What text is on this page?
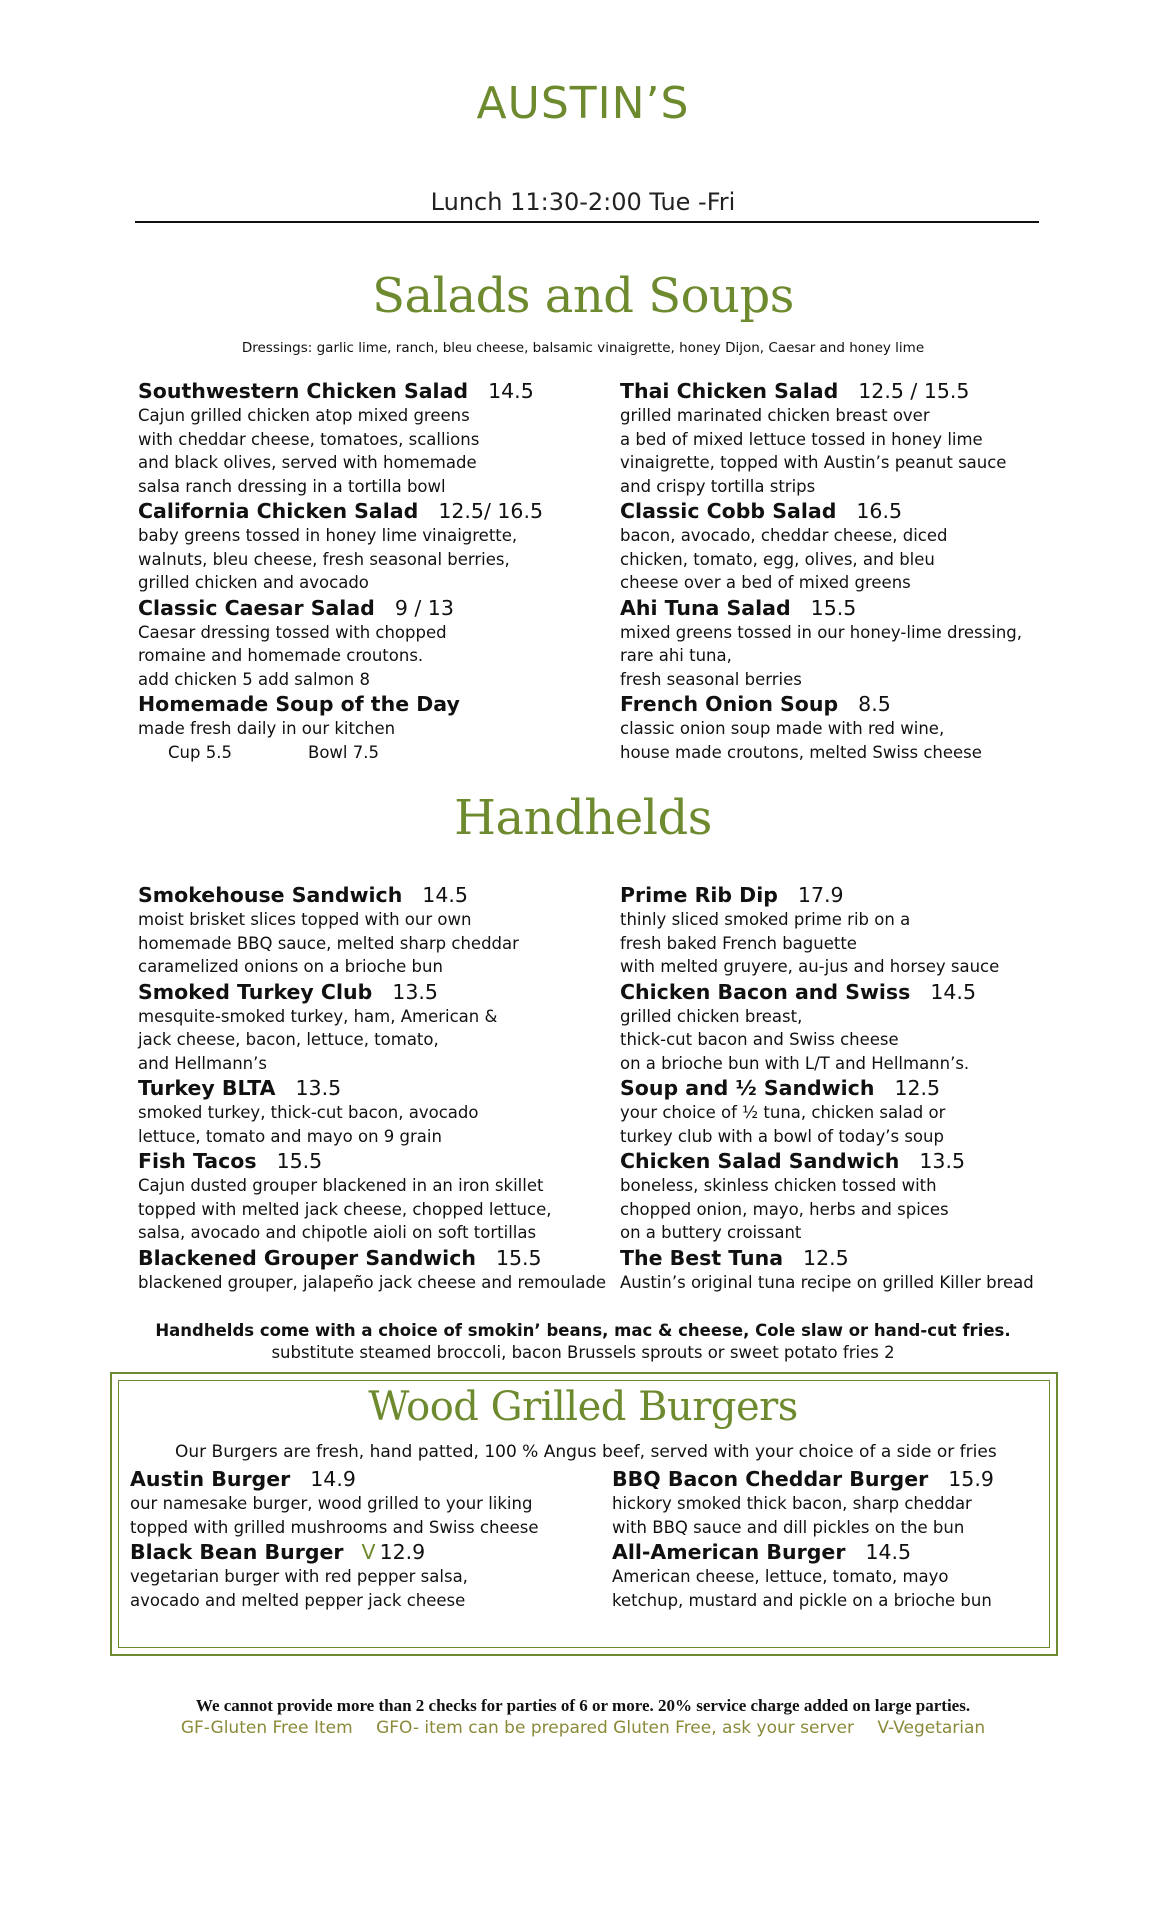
AUSTIN’S
Lunch 11:30-2:00 Tue -Fri
Salads and Soups
Dressings: garlic lime, ranch, bleu cheese, balsamic vinaigrette, honey Dijon, Caesar and honey lime
Southwestern Chicken Salad 14.5
Cajun grilled chicken atop mixed greens
with cheddar cheese, tomatoes, scallions
and black olives, served with homemade
salsa ranch dressing in a tortilla bowl
California Chicken Salad 12.5/ 16.5
baby greens tossed in honey lime vinaigrette,
walnuts, bleu cheese, fresh seasonal berries,
grilled chicken and avocado
Classic Caesar Salad 9 / 13
Caesar dressing tossed with chopped
romaine and homemade croutons.
add chicken 5 add salmon 8
Homemade Soup of the Day
made fresh daily in our kitchen
Cup 5.5	Bowl 7.5
Thai Chicken Salad 12.5 / 15.5
grilled marinated chicken breast over
a bed of mixed lettuce tossed in honey lime
vinaigrette, topped with Austin’s peanut sauce
and crispy tortilla strips
Classic Cobb Salad 16.5
bacon, avocado, cheddar cheese, diced
chicken, tomato, egg, olives, and bleu
cheese over a bed of mixed greens
Ahi Tuna Salad 15.5
mixed greens tossed in our honey-lime dressing,
rare ahi tuna,
fresh seasonal berries
French Onion Soup 8.5
classic onion soup made with red wine,
house made croutons, melted Swiss cheese
Handhelds
Smokehouse Sandwich 14.5
moist brisket slices topped with our own
homemade BBQ sauce, melted sharp cheddar
caramelized onions on a brioche bun
Smoked Turkey Club 13.5
mesquite-smoked turkey, ham, American &
jack cheese, bacon, lettuce, tomato,
and Hellmann’s
Turkey BLTA 13.5
smoked turkey, thick-cut bacon, avocado
lettuce, tomato and mayo on 9 grain
Fish Tacos 15.5
Cajun dusted grouper blackened in an iron skillet
topped with melted jack cheese, chopped lettuce,
salsa, avocado and chipotle aioli on soft tortillas
Blackened Grouper Sandwich 15.5
blackened grouper, jalapeño jack cheese and remoulade
Prime Rib Dip 17.9
thinly sliced smoked prime rib on a
fresh baked French baguette
with melted gruyere, au-jus and horsey sauce
Chicken Bacon and Swiss 14.5
grilled chicken breast,
thick-cut bacon and Swiss cheese
on a brioche bun with L/T and Hellmann’s.
Soup and ½ Sandwich 12.5
your choice of ½ tuna, chicken salad or
turkey club with a bowl of today’s soup
Chicken Salad Sandwich 13.5
boneless, skinless chicken tossed with
chopped onion, mayo, herbs and spices
on a buttery croissant
The Best Tuna 12.5
Austin’s original tuna recipe on grilled Killer bread
Handhelds come with a choice of smokin’ beans, mac & cheese, Cole slaw or hand-cut fries.
substitute steamed broccoli, bacon Brussels sprouts or sweet potato fries 2
Wood Grilled Burgers
Our Burgers are fresh, hand patted, 100 % Angus beef, served with your choice of a side or fries
Austin Burger 14.9
our namesake burger, wood grilled to your liking
topped with grilled mushrooms and Swiss cheese
Black Bean Burger V 12.9
vegetarian burger with red pepper salsa,
avocado and melted pepper jack cheese
BBQ Bacon Cheddar Burger 15.9
hickory smoked thick bacon, sharp cheddar
with BBQ sauce and dill pickles on the bun
All-American Burger 14.5
American cheese, lettuce, tomato, mayo
ketchup, mustard and pickle on a brioche bun
We cannot provide more than 2 checks for parties of 6 or more. 20% service charge added on large parties.
GF-Gluten Free Item GFO- item can be prepared Gluten Free, ask your server V-Vegetarian
